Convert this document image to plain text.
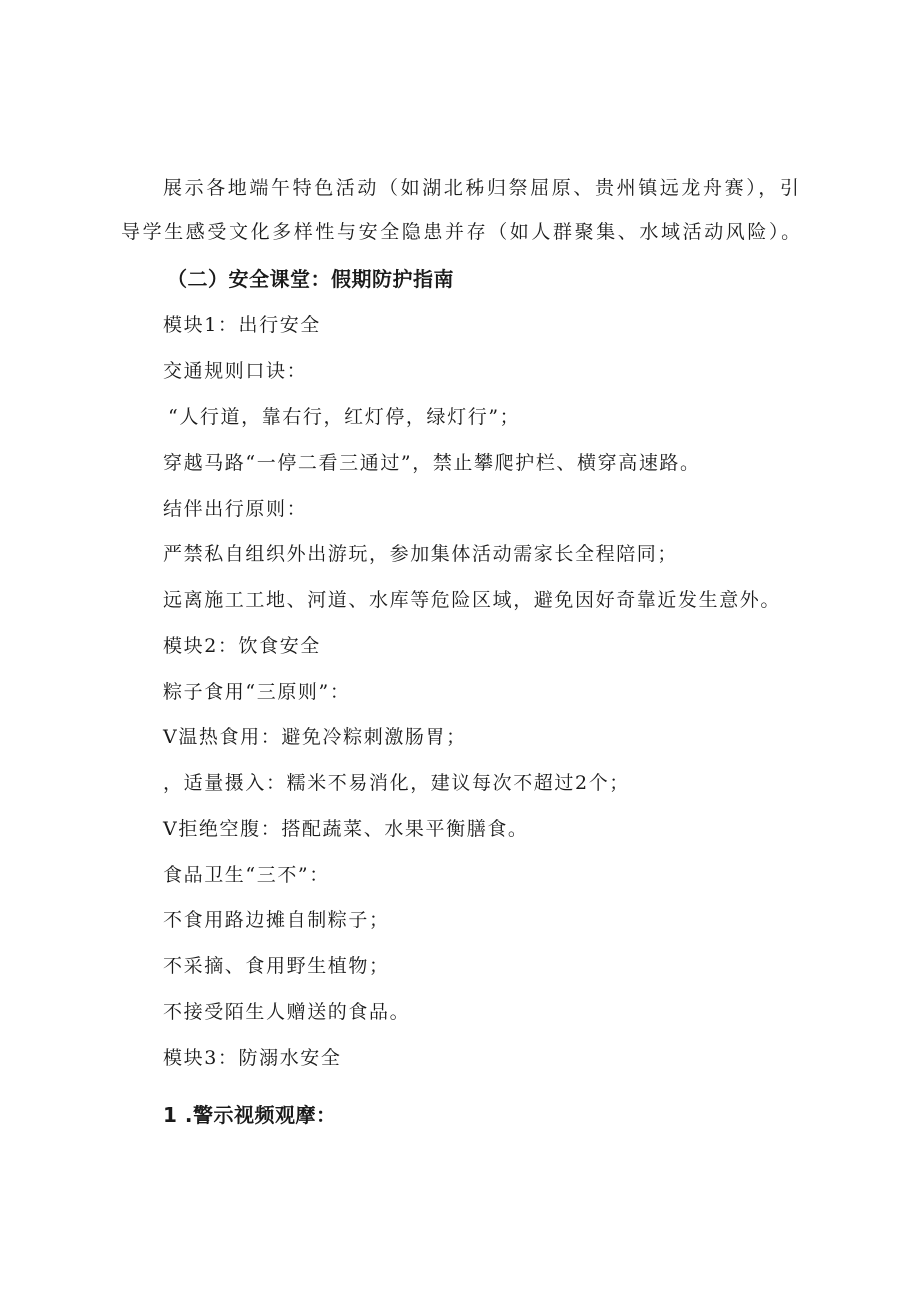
展示各地端午特色活动（如湖北秭归祭屈原、贵州镇远龙舟赛），引
导学生感受文化多样性与安全隐患并存（如人群聚集、水域活动风险）。
（二）安全课堂：假期防护指南
模块1：出行安全
交通规则口诀：
“人行道，靠右行，红灯停，绿灯行”；
穿越马路“一停二看三通过”，禁止攀爬护栏、横穿高速路。
结伴出行原则：
严禁私自组织外出游玩，参加集体活动需家长全程陪同；
远离施工工地、河道、水库等危险区域，避免因好奇靠近发生意外。
模块2：饮食安全
粽子食用“三原则”：
V温热食用：避免冷粽刺激肠胃；
，适量摄入：糯米不易消化，建议每次不超过2个；
V拒绝空腹：搭配蔬菜、水果平衡膳食。
食品卫生“三不”：
不食用路边摊自制粽子；
不采摘、食用野生植物；
不接受陌生人赠送的食品。
模块3：防溺水安全
1 .警示视频观摩：
